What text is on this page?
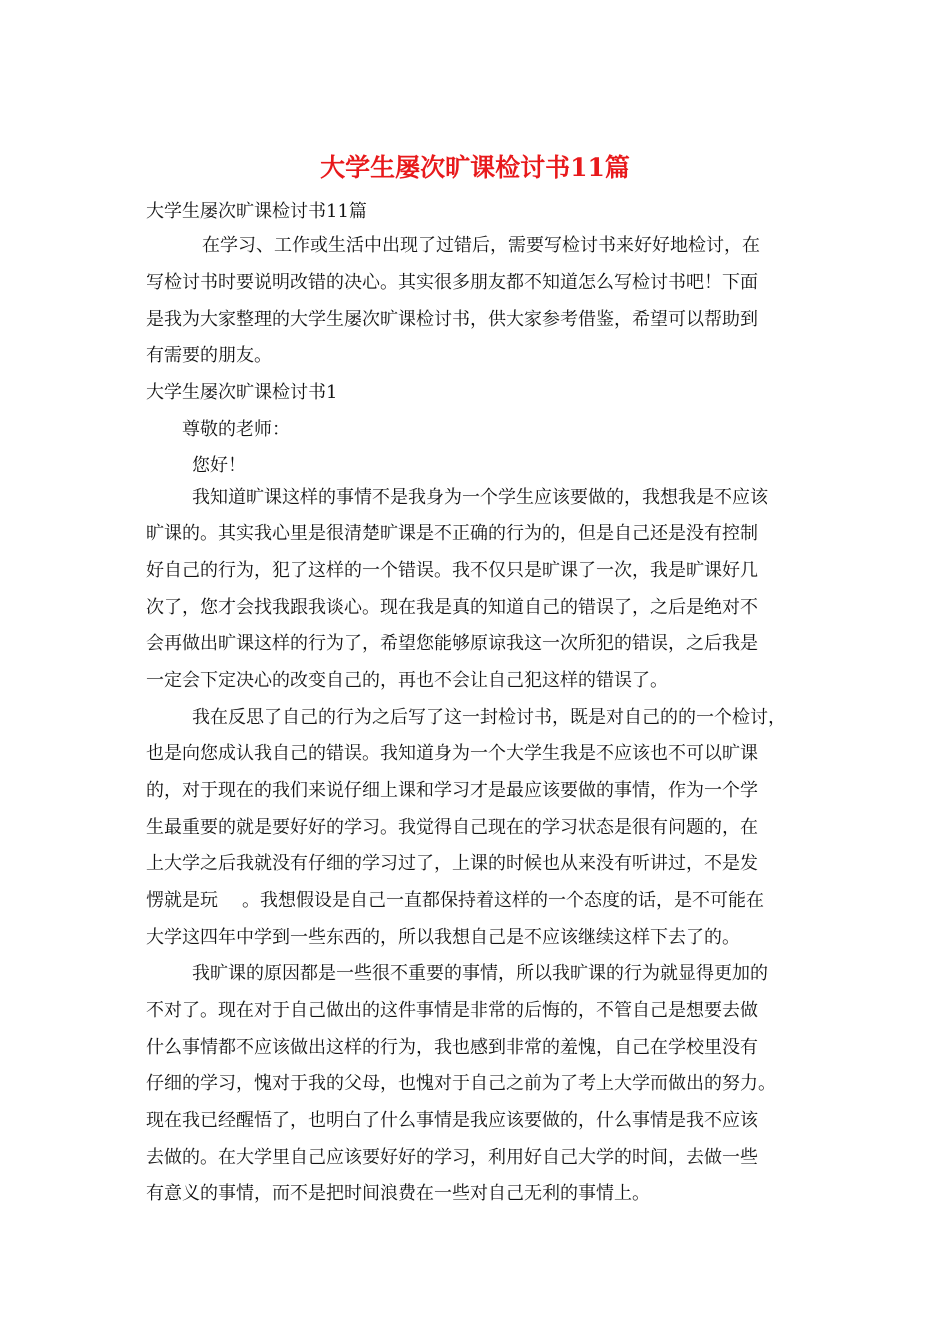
大学生屡次旷课检讨书11篇
大学生屡次旷课检讨书11篇
在学习、工作或生活中出现了过错后，需要写检讨书来好好地检讨，在
写检讨书时要说明改错的决心。其实很多朋友都不知道怎么写检讨书吧！下面
是我为大家整理的大学生屡次旷课检讨书，供大家参考借鉴，希望可以帮助到
有需要的朋友。
大学生屡次旷课检讨书1
尊敬的老师：
您好！
我知道旷课这样的事情不是我身为一个学生应该要做的，我想我是不应该
旷课的。其实我心里是很清楚旷课是不正确的行为的，但是自己还是没有控制
好自己的行为，犯了这样的一个错误。我不仅只是旷课了一次，我是旷课好几
次了，您才会找我跟我谈心。现在我是真的知道自己的错误了，之后是绝对不
会再做出旷课这样的行为了，希望您能够原谅我这一次所犯的错误，之后我是
一定会下定决心的改变自己的，再也不会让自己犯这样的错误了。
我在反思了自己的行为之后写了这一封检讨书，既是对自己的的一个检讨，
也是向您成认我自己的错误。我知道身为一个大学生我是不应该也不可以旷课
的，对于现在的我们来说仔细上课和学习才是最应该要做的事情，作为一个学
生最重要的就是要好好的学习。我觉得自己现在的学习状态是很有问题的，在
上大学之后我就没有仔细的学习过了，上课的时候也从来没有听讲过，不是发
愣就是玩 。我想假设是自己一直都保持着这样的一个态度的话，是不可能在
大学这四年中学到一些东西的，所以我想自己是不应该继续这样下去了的。
我旷课的原因都是一些很不重要的事情，所以我旷课的行为就显得更加的
不对了。现在对于自己做出的这件事情是非常的后悔的，不管自己是想要去做
什么事情都不应该做出这样的行为，我也感到非常的羞愧，自己在学校里没有
仔细的学习，愧对于我的父母，也愧对于自己之前为了考上大学而做出的努力。
现在我已经醒悟了，也明白了什么事情是我应该要做的，什么事情是我不应该
去做的。在大学里自己应该要好好的学习，利用好自己大学的时间，去做一些
有意义的事情，而不是把时间浪费在一些对自己无利的事情上。
